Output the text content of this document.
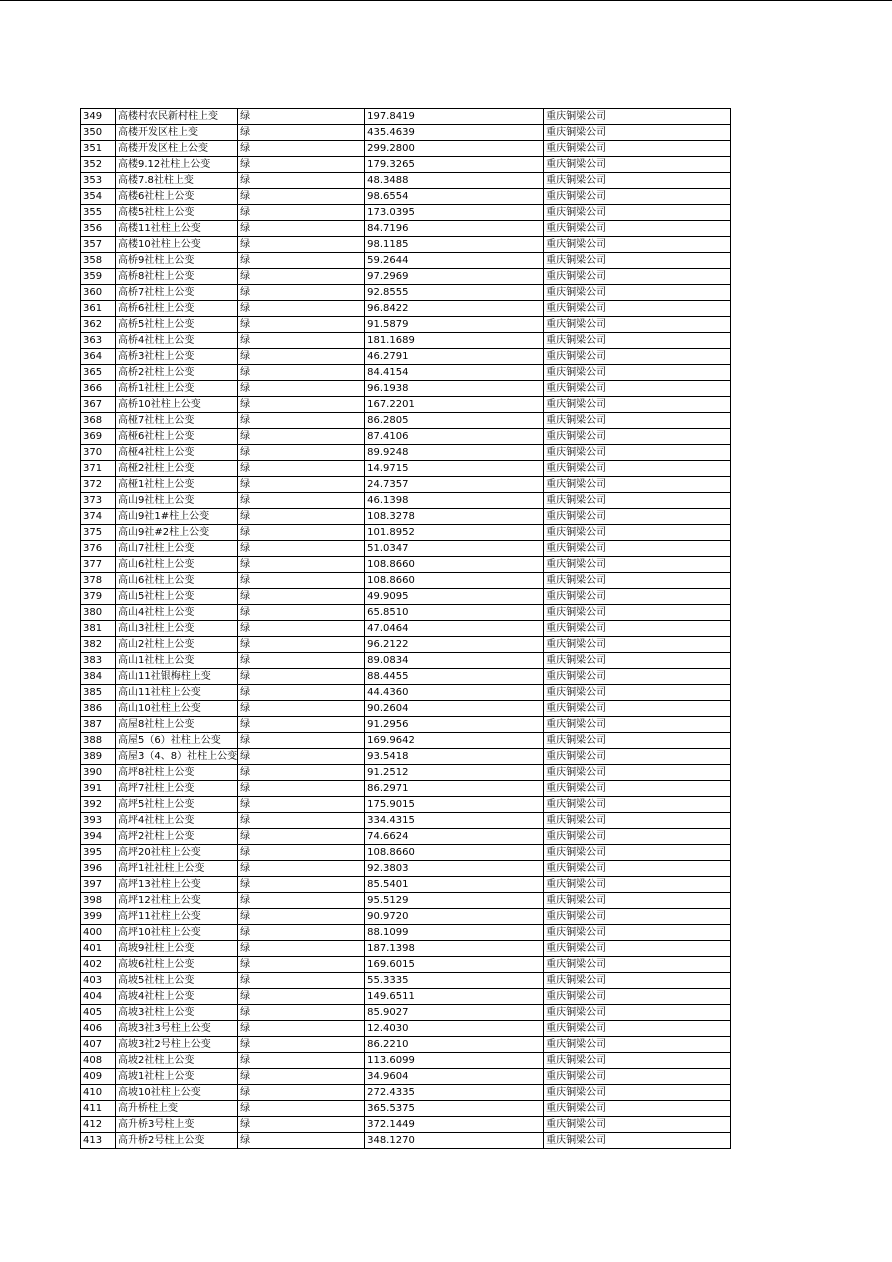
349	高楼村农民新村柱上变	绿	197.8419	重庆铜梁公司
350	高楼开发区柱上变	绿	435.4639	重庆铜梁公司
351	高楼开发区柱上公变	绿	299.2800	重庆铜梁公司
352	高楼9.12社柱上公变	绿	179.3265	重庆铜梁公司
353	高楼7.8社柱上变	绿	48.3488	重庆铜梁公司
354	高楼6社柱上公变	绿	98.6554	重庆铜梁公司
355	高楼5社柱上公变	绿	173.0395	重庆铜梁公司
356	高楼11社柱上公变	绿	84.7196	重庆铜梁公司
357	高楼10社柱上公变	绿	98.1185	重庆铜梁公司
358	高桥9社柱上公变	绿	59.2644	重庆铜梁公司
359	高桥8社柱上公变	绿	97.2969	重庆铜梁公司
360	高桥7社柱上公变	绿	92.8555	重庆铜梁公司
361	高桥6社柱上公变	绿	96.8422	重庆铜梁公司
362	高桥5社柱上公变	绿	91.5879	重庆铜梁公司
363	高桥4社柱上公变	绿	181.1689	重庆铜梁公司
364	高桥3社柱上公变	绿	46.2791	重庆铜梁公司
365	高桥2社柱上公变	绿	84.4154	重庆铜梁公司
366	高桥1社柱上公变	绿	96.1938	重庆铜梁公司
367	高桥10社柱上公变	绿	167.2201	重庆铜梁公司
368	高桠7社柱上公变	绿	86.2805	重庆铜梁公司
369	高桠6社柱上公变	绿	87.4106	重庆铜梁公司
370	高桠4社柱上公变	绿	89.9248	重庆铜梁公司
371	高桠2社柱上公变	绿	14.9715	重庆铜梁公司
372	高桠1社柱上公变	绿	24.7357	重庆铜梁公司
373	高山9社柱上公变	绿	46.1398	重庆铜梁公司
374	高山9社1#柱上公变	绿	108.3278	重庆铜梁公司
375	高山9社#2柱上公变	绿	101.8952	重庆铜梁公司
376	高山7社柱上公变	绿	51.0347	重庆铜梁公司
377	高山6社柱上公变	绿	108.8660	重庆铜梁公司
378	高山6社柱上公变	绿	108.8660	重庆铜梁公司
379	高山5社柱上公变	绿	49.9095	重庆铜梁公司
380	高山4社柱上公变	绿	65.8510	重庆铜梁公司
381	高山3社柱上公变	绿	47.0464	重庆铜梁公司
382	高山2社柱上公变	绿	96.2122	重庆铜梁公司
383	高山1社柱上公变	绿	89.0834	重庆铜梁公司
384	高山11社银梅柱上变	绿	88.4455	重庆铜梁公司
385	高山11社柱上公变	绿	44.4360	重庆铜梁公司
386	高山10社柱上公变	绿	90.2604	重庆铜梁公司
387	高屋8社柱上公变	绿	91.2956	重庆铜梁公司
388	高屋5（6）社柱上公变	绿	169.9642	重庆铜梁公司
389	高屋3（4、8）社柱上公变	绿	93.5418	重庆铜梁公司
390	高坪8社柱上公变	绿	91.2512	重庆铜梁公司
391	高坪7社柱上公变	绿	86.2971	重庆铜梁公司
392	高坪5社柱上公变	绿	175.9015	重庆铜梁公司
393	高坪4社柱上公变	绿	334.4315	重庆铜梁公司
394	高坪2社柱上公变	绿	74.6624	重庆铜梁公司
395	高坪20社柱上公变	绿	108.8660	重庆铜梁公司
396	高坪1社社柱上公变	绿	92.3803	重庆铜梁公司
397	高坪13社柱上公变	绿	85.5401	重庆铜梁公司
398	高坪12社柱上公变	绿	95.5129	重庆铜梁公司
399	高坪11社柱上公变	绿	90.9720	重庆铜梁公司
400	高坪10社柱上公变	绿	88.1099	重庆铜梁公司
401	高坡9社柱上公变	绿	187.1398	重庆铜梁公司
402	高坡6社柱上公变	绿	169.6015	重庆铜梁公司
403	高坡5社柱上公变	绿	55.3335	重庆铜梁公司
404	高坡4社柱上公变	绿	149.6511	重庆铜梁公司
405	高坡3社柱上公变	绿	85.9027	重庆铜梁公司
406	高坡3社3号柱上公变	绿	12.4030	重庆铜梁公司
407	高坡3社2号柱上公变	绿	86.2210	重庆铜梁公司
408	高坡2社柱上公变	绿	113.6099	重庆铜梁公司
409	高坡1社柱上公变	绿	34.9604	重庆铜梁公司
410	高坡10社柱上公变	绿	272.4335	重庆铜梁公司
411	高升桥柱上变	绿	365.5375	重庆铜梁公司
412	高升桥3号柱上变	绿	372.1449	重庆铜梁公司
413	高升桥2号柱上公变	绿	348.1270	重庆铜梁公司
